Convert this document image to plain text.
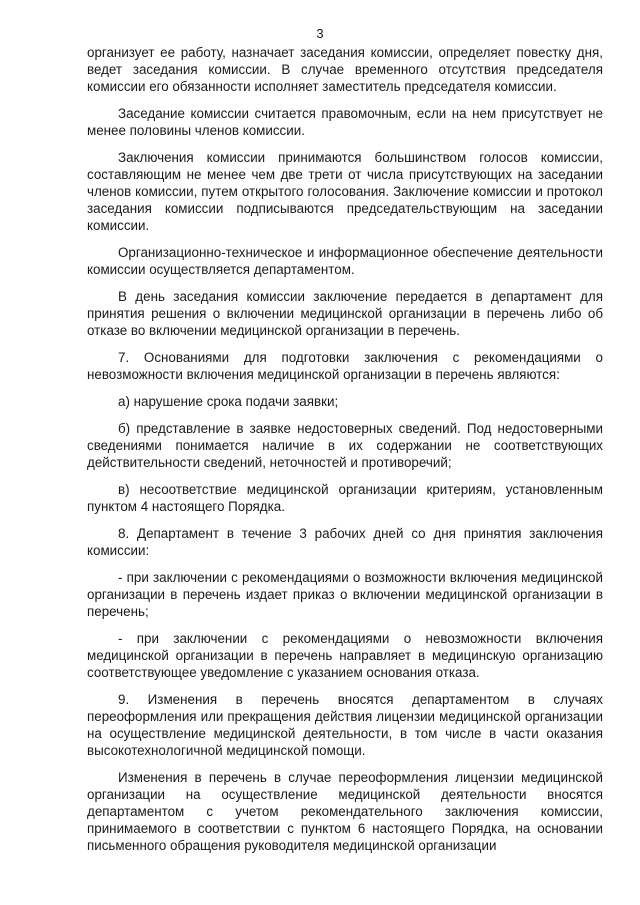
3

организует ее работу, назначает заседания комиссии, определяет повестку дня, ведет заседания комиссии. В случае временного отсутствия председателя комиссии его обязанности исполняет заместитель председателя комиссии.

Заседание комиссии считается правомочным, если на нем присутствует не менее половины членов комиссии.

Заключения комиссии принимаются большинством голосов комиссии, составляющим не менее чем две трети от числа присутствующих на заседании членов комиссии, путем открытого голосования. Заключение комиссии и протокол заседания комиссии подписываются председательствующим на заседании комиссии.

Организационно-техническое и информационное обеспечение деятельности комиссии осуществляется департаментом.

В день заседания комиссии заключение передается в департамент для принятия решения о включении медицинской организации в перечень либо об отказе во включении медицинской организации в перечень.

7. Основаниями для подготовки заключения с рекомендациями о невозможности включения медицинской организации в перечень являются:

а) нарушение срока подачи заявки;

б) представление в заявке недостоверных сведений. Под недостоверными сведениями понимается наличие в их содержании не соответствующих действительности сведений, неточностей и противоречий;

в) несоответствие медицинской организации критериям, установленным пунктом 4 настоящего Порядка.

8. Департамент в течение 3 рабочих дней со дня принятия заключения комиссии:

- при заключении с рекомендациями о возможности включения медицинской организации в перечень издает приказ о включении медицинской организации в перечень;

- при заключении с рекомендациями о невозможности включения медицинской организации в перечень направляет в медицинскую организацию соответствующее уведомление с указанием основания отказа.

9. Изменения в перечень вносятся департаментом в случаях переоформления или прекращения действия лицензии медицинской организации на осуществление медицинской деятельности, в том числе в части оказания высокотехнологичной медицинской помощи.

Изменения в перечень в случае переоформления лицензии медицинской организации на осуществление медицинской деятельности вносятся департаментом с учетом рекомендательного заключения комиссии, принимаемого в соответствии с пунктом 6 настоящего Порядка, на основании письменного обращения руководителя медицинской организации
